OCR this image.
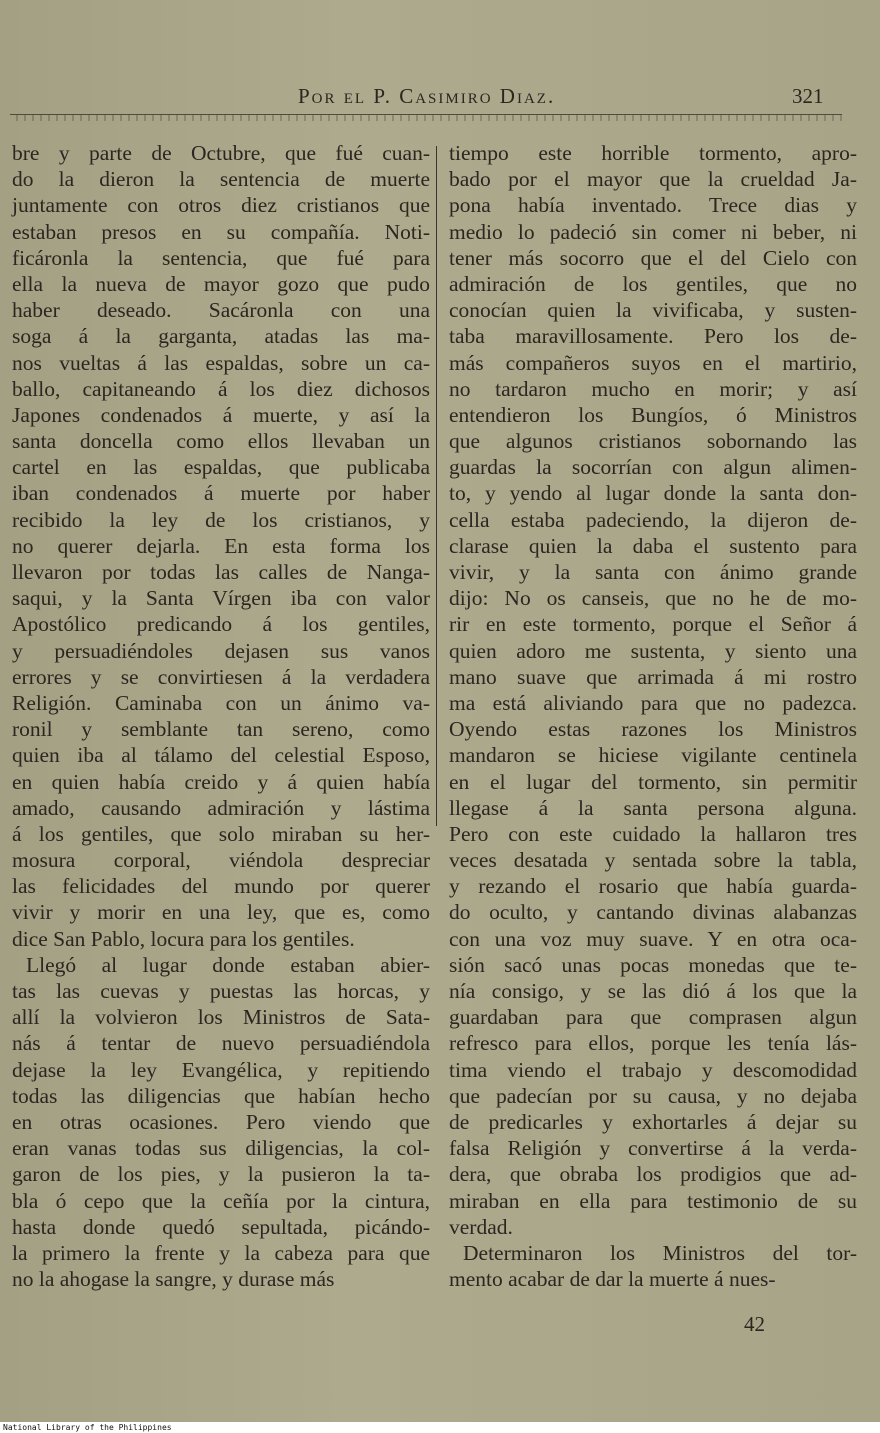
Por el P. Casimiro Diaz.	321
bre y parte de Octubre, que fué cuan-
do la dieron la sentencia de muerte
juntamente con otros diez cristianos que
estaban presos en su compañía. Noti-
ficáronla la sentencia, que fué para
ella la nueva de mayor gozo que pudo
haber deseado. Sacáronla con una
soga á la garganta, atadas las ma-
nos vueltas á las espaldas, sobre un ca-
ballo, capitaneando á los diez dichosos
Japones condenados á muerte, y así la
santa doncella como ellos llevaban un
cartel en las espaldas, que publicaba
iban condenados á muerte por haber
recibido la ley de los cristianos, y
no querer dejarla. En esta forma los
llevaron por todas las calles de Nanga-
saqui, y la Santa Vírgen iba con valor
Apostólico predicando á los gentiles,
y persuadiéndoles dejasen sus vanos
errores y se convirtiesen á la verdadera
Religión. Caminaba con un ánimo va-
ronil y semblante tan sereno, como
quien iba al tálamo del celestial Esposo,
en quien había creido y á quien había
amado, causando admiración y lástima
á los gentiles, que solo miraban su her-
mosura corporal, viéndola despreciar
las felicidades del mundo por querer
vivir y morir en una ley, que es, como
dice San Pablo, locura para los gentiles.
Llegó al lugar donde estaban abier-
tas las cuevas y puestas las horcas, y
allí la volvieron los Ministros de Sata-
nás á tentar de nuevo persuadiéndola
dejase la ley Evangélica, y repitiendo
todas las diligencias que habían hecho
en otras ocasiones. Pero viendo que
eran vanas todas sus diligencias, la col-
garon de los pies, y la pusieron la ta-
bla ó cepo que la ceñía por la cintura,
hasta donde quedó sepultada, picándo-
la primero la frente y la cabeza para que
no la ahogase la sangre, y durase más
tiempo este horrible tormento, apro-
bado por el mayor que la crueldad Ja-
pona había inventado. Trece dias y
medio lo padeció sin comer ni beber, ni
tener más socorro que el del Cielo con
admiración de los gentiles, que no
conocían quien la vivificaba, y susten-
taba maravillosamente. Pero los de-
más compañeros suyos en el martirio,
no tardaron mucho en morir; y así
entendieron los Bungíos, ó Ministros
que algunos cristianos sobornando las
guardas la socorrían con algun alimen-
to, y yendo al lugar donde la santa don-
cella estaba padeciendo, la dijeron de-
clarase quien la daba el sustento para
vivir, y la santa con ánimo grande
dijo: No os canseis, que no he de mo-
rir en este tormento, porque el Señor á
quien adoro me sustenta, y siento una
mano suave que arrimada á mi rostro
ma está aliviando para que no padezca.
Oyendo estas razones los Ministros
mandaron se hiciese vigilante centinela
en el lugar del tormento, sin permitir
llegase á la santa persona alguna.
Pero con este cuidado la hallaron tres
veces desatada y sentada sobre la tabla,
y rezando el rosario que había guarda-
do oculto, y cantando divinas alabanzas
con una voz muy suave. Y en otra oca-
sión sacó unas pocas monedas que te-
nía consigo, y se las dió á los que la
guardaban para que comprasen algun
refresco para ellos, porque les tenía lás-
tima viendo el trabajo y descomodidad
que padecían por su causa, y no dejaba
de predicarles y exhortarles á dejar su
falsa Religión y convertirse á la verda-
dera, que obraba los prodigios que ad-
miraban en ella para testimonio de su
verdad.
Determinaron los Ministros del tor-
mento acabar de dar la muerte á nues-
42
National Library of the Philippines
